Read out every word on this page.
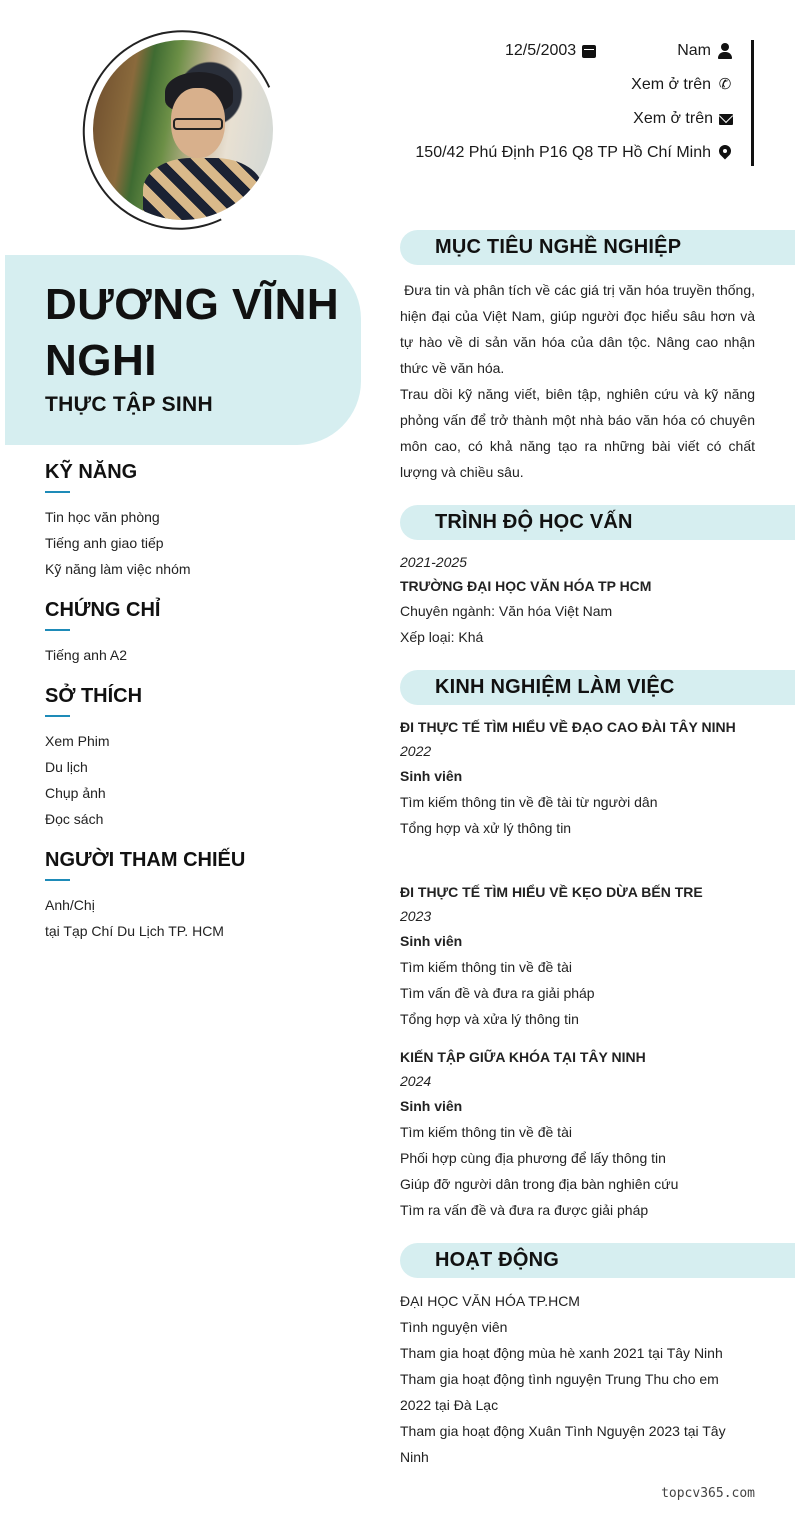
12/5/2003	Nam
Xem ở trên ✆
Xem ở trên
150/42 Phú Định P16 Q8 TP Hồ Chí Minh
DƯƠNG VĨNH NGHI
THỰC TẬP SINH
KỸ NĂNG
Tin học văn phòng
Tiếng anh giao tiếp
Kỹ năng làm việc nhóm
CHỨNG CHỈ
Tiếng anh A2
SỞ THÍCH
Xem Phim
Du lịch
Chụp ảnh
Đọc sách
NGƯỜI THAM CHIẾU
Anh/Chị
tại Tạp Chí Du Lịch TP. HCM
MỤC TIÊU NGHỀ NGHIỆP
Đưa tin và phân tích về các giá trị văn hóa truyền thống, hiện đại của Việt Nam, giúp người đọc hiểu sâu hơn và tự hào về di sản văn hóa của dân tộc. Nâng cao nhận thức về văn hóa.
Trau dồi kỹ năng viết, biên tập, nghiên cứu và kỹ năng phỏng vấn để trở thành một nhà báo văn hóa có chuyên môn cao, có khả năng tạo ra những bài viết có chất lượng và chiều sâu.
TRÌNH ĐỘ HỌC VẤN
2021-2025
TRƯỜNG ĐẠI HỌC VĂN HÓA TP HCM
Chuyên ngành: Văn hóa Việt Nam
Xếp loại: Khá
KINH NGHIỆM LÀM VIỆC
ĐI THỰC TẾ TÌM HIỂU VỀ ĐẠO CAO ĐÀI TÂY NINH
2022
Sinh viên
Tìm kiếm thông tin về đề tài từ người dân
Tổng hợp và xử lý thông tin
ĐI THỰC TẾ TÌM HIỂU VỀ KẸO DỪA BẾN TRE
2023
Sinh viên
Tìm kiếm thông tin về đề tài
Tìm vấn đề và đưa ra giải pháp
Tổng hợp và xửa lý thông tin
KIẾN TẬP GIỮA KHÓA TẠI TÂY NINH
2024
Sinh viên
Tìm kiếm thông tin về đề tài
Phối hợp cùng địa phương để lấy thông tin
Giúp đỡ người dân trong địa bàn nghiên cứu
Tìm ra vấn đề và đưa ra được giải pháp
HOẠT ĐỘNG
ĐẠI HỌC VĂN HÓA TP.HCM
Tình nguyện viên
Tham gia hoạt động mùa hè xanh 2021 tại Tây Ninh
Tham gia hoạt động tình nguyện Trung Thu cho em  2022 tại Đà Lạc
Tham gia hoạt động Xuân Tình Nguyện 2023 tại Tây Ninh
topcv365.com
